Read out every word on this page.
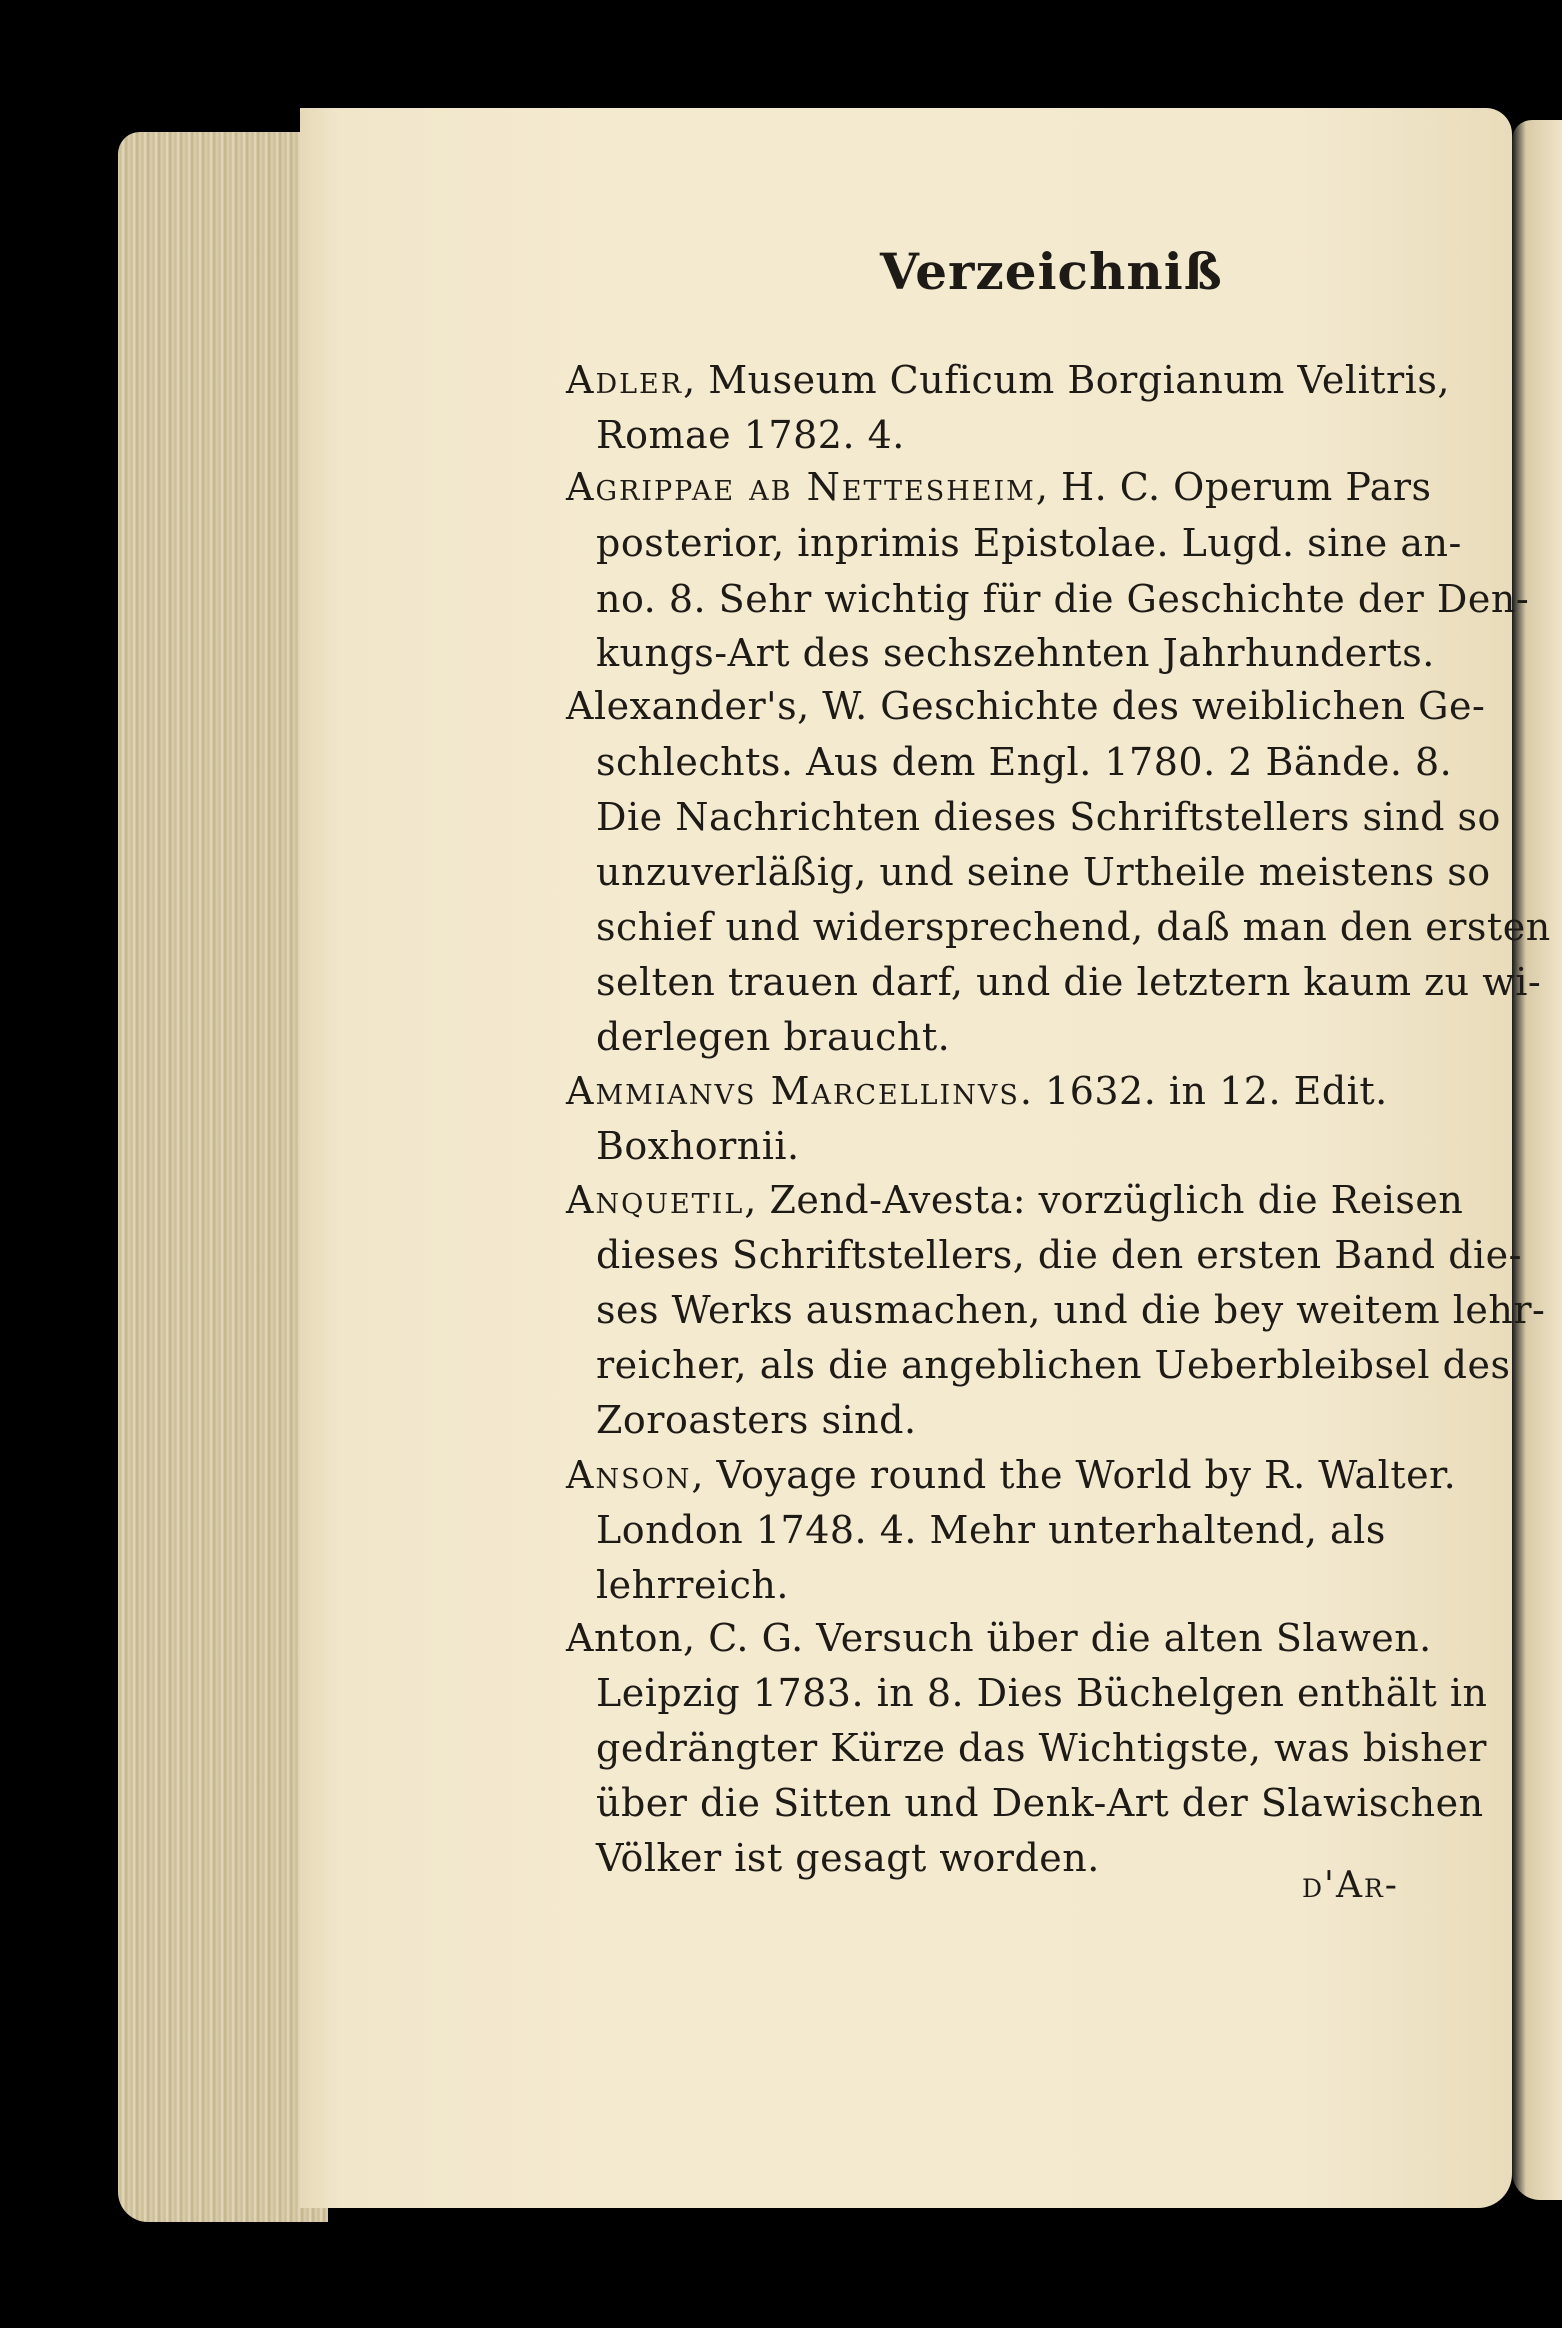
Verzeichniß
Adler, Museum Cuficum Borgianum Velitris,
Romae 1782. 4.
Agrippae ab Nettesheim, H. C. Operum Pars
posterior, inprimis Epistolae. Lugd. sine an-
no. 8. Sehr wichtig für die Geschichte der Den-
kungs-Art des sechszehnten Jahrhunderts.
Alexander's, W. Geschichte des weiblichen Ge-
schlechts. Aus dem Engl. 1780. 2 Bände. 8.
Die Nachrichten dieses Schriftstellers sind so
unzuverläßig, und seine Urtheile meistens so
schief und widersprechend, daß man den ersten
selten trauen darf, und die letztern kaum zu wi-
derlegen braucht.
Ammianvs Marcellinvs. 1632. in 12. Edit.
Boxhornii.
Anquetil, Zend-Avesta: vorzüglich die Reisen
dieses Schriftstellers, die den ersten Band die-
ses Werks ausmachen, und die bey weitem lehr-
reicher, als die angeblichen Ueberbleibsel des
Zoroasters sind.
Anson, Voyage round the World by R. Walter.
London 1748. 4. Mehr unterhaltend, als
lehrreich.
Anton, C. G. Versuch über die alten Slawen.
Leipzig 1783. in 8. Dies Büchelgen enthält in
gedrängter Kürze das Wichtigste, was bisher
über die Sitten und Denk-Art der Slawischen
Völker ist gesagt worden.
d'Ar-
